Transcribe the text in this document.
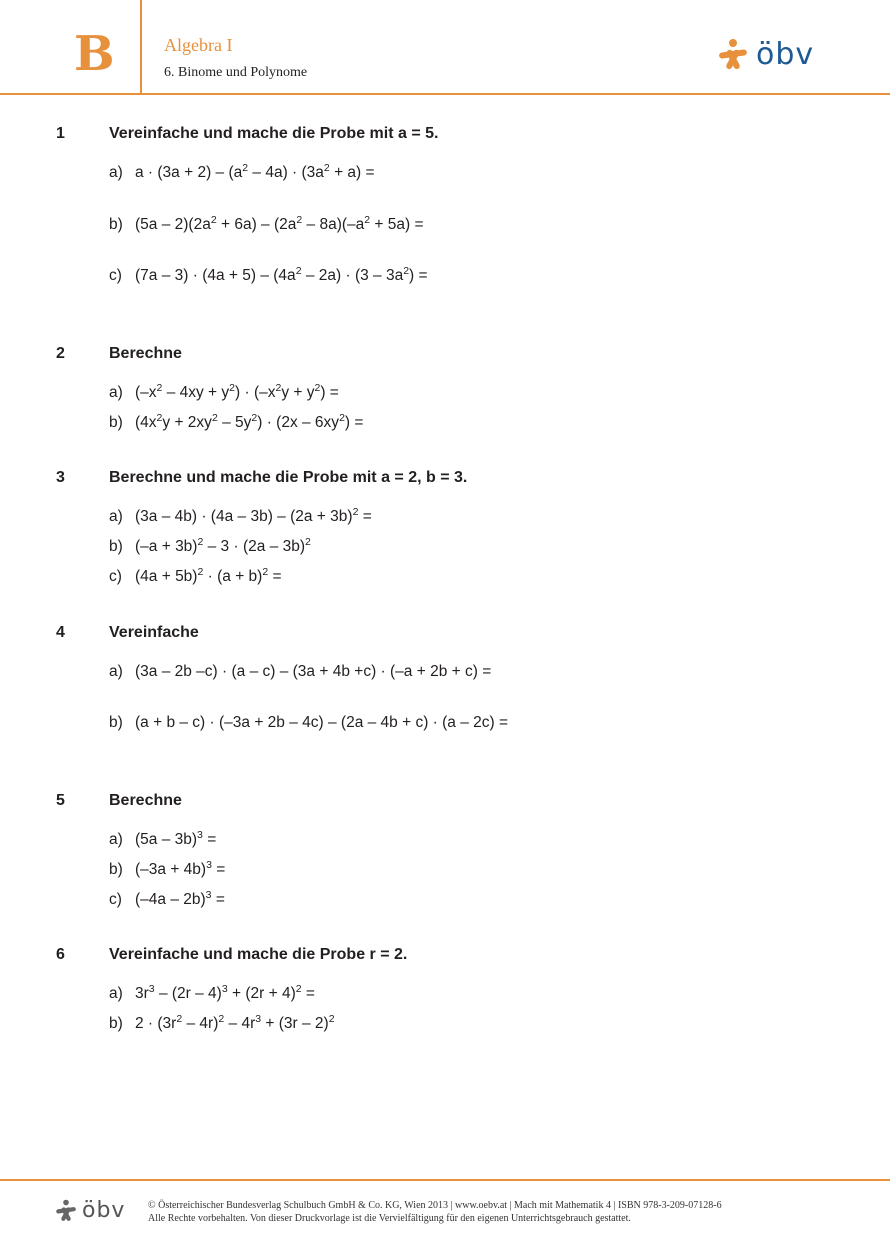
B	Algebra I
6. Binome und Polynome
öbv
1	Vereinfache und mache die Probe mit a = 5.
a) $a \cdot (3a + 2) - (a^2 - 4a) \cdot (3a^2 + a)$ =
b) $(5a - 2)(2a^2 + 6a) - (2a^2 - 8a)(-a^2 + 5a)$ =
c) $(7a - 3) \cdot (4a + 5) - (4a^2 - 2a) \cdot (3 - 3a^2)$ =
2	Berechne
a) $(-x^2 - 4xy + y^2) \cdot (-x^2y + y^2)$ =
b) $(4x^2y + 2xy^2 - 5y^2) \cdot (2x - 6xy^2)$ =
3	Berechne und mache die Probe mit a = 2, b = 3.
a) $(3a - 4b) \cdot (4a - 3b) - (2a + 3b)^2$ =
b) $(-a + 3b)^2 - 3 \cdot (2a - 3b)^2$
c) $(4a + 5b)^2 \cdot (a + b)^2$ =
4	Vereinfache
a) (3a – 2b –c) · (a – c) – (3a + 4b +c) · (–a + 2b + c) =
b) (a + b – c) · (–3a + 2b – 4c) – (2a – 4b + c) · (a – 2c) =
5	Berechne
a) (5a – 3b)$^3$ =
b) $(-3a + 4b)^3$ =
c) (–4a – 2b)$^3$ =
6	Vereinfache und mache die Probe r = 2.
a) $3r^3 - (2r - 4)^3 + (2r + 4)^2$ =
b) $2 \cdot (3r^2 - 4r)^2 - 4r^3 + (3r - 2)^2$
öbv © Österreichischer Bundesverlag Schulbuch GmbH & Co. KG, Wien 2013 | www.oebv.at | Mach mit Mathematik 4 | ISBN 978-3-209-07128-6
Alle Rechte vorbehalten. Von dieser Druckvorlage ist die Vervielfältigung für den eigenen Unterrichtsgebrauch gestattet.
